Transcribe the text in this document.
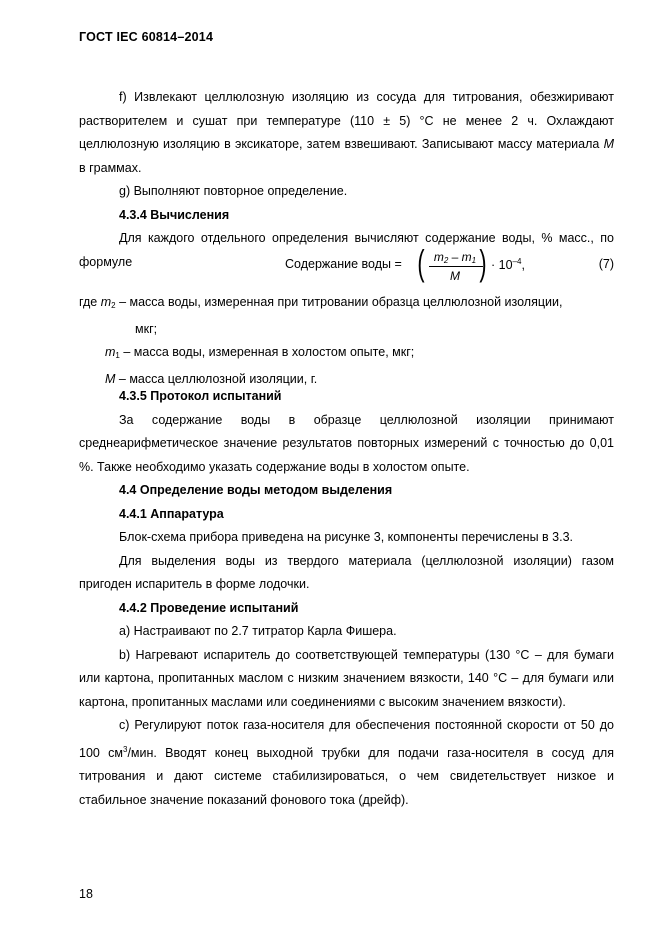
ГОСТ IEC 60814–2014

f) Извлекают целлюлозную изоляцию из сосуда для титрования, обезжиривают растворителем и сушат при температуре (110 ± 5) °С не менее 2 ч. Охлаждают целлюлозную изоляцию в эксикаторе, затем взвешивают. Записывают массу материала M в граммах.

g) Выполняют повторное определение.

4.3.4 Вычисления

Для каждого отдельного определения вычисляют содержание воды, % масс., по формуле	Содержание воды = ( $m_2 - m_1$
M ) · $10^{-4}$,	(7)

где $m_2$ – масса воды, измеренная при титровании образца целлюлозной изоляции,

мкг;

$m_1$ – масса воды, измеренная в холостом опыте, мкг;

M – масса целлюлозной изоляции, г.

4.3.5 Протокол испытаний

За содержание воды в образце целлюлозной изоляции принимают среднеарифметическое значение результатов повторных измерений с точностью до 0,01 %. Также необходимо указать содержание воды в холостом опыте.

4.4 Определение воды методом выделения

4.4.1 Аппаратура

Блок-схема прибора приведена на рисунке 3, компоненты перечислены в 3.3.

Для выделения воды из твердого материала (целлюлозной изоляции) газом пригоден испаритель в форме лодочки.

4.4.2 Проведение испытаний

а) Настраивают по 2.7 титратор Карла Фишера.

b) Нагревают испаритель до соответствующей температуры (130 °С – для бумаги или картона, пропитанных маслом с низким значением вязкости, 140 °С – для бумаги или картона, пропитанных маслами или соединениями с высоким значением вязкости).

с) Регулируют поток газа-носителя для обеспечения постоянной скорости от 50 до 100 $см^3$/мин. Вводят конец выходной трубки для подачи газа-носителя в сосуд для титрования и дают системе стабилизироваться, о чем свидетельствует низкое и стабильное значение показаний фонового тока (дрейф).

18
